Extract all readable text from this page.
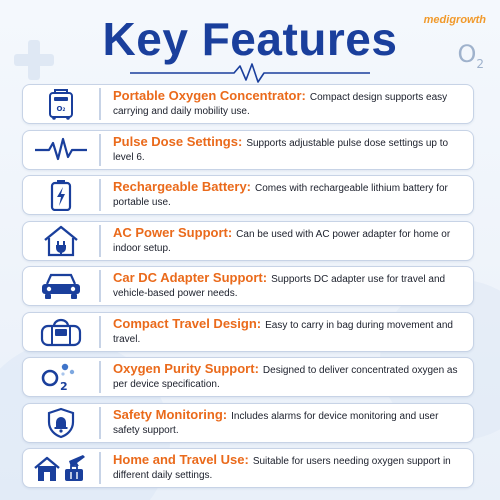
medigrowth
$O_2$
Key Features
O₂
Portable Oxygen Concentrator: Compact design supports easy carrying and daily mobility use.
Pulse Dose Settings: Supports adjustable pulse dose settings up to level 6.
Rechargeable Battery: Comes with rechargeable lithium battery for portable use.
AC Power Support: Can be used with AC power adapter for home or indoor setup.
Car DC Adapter Support: Supports DC adapter use for travel and vehicle-based power needs.
Compact Travel Design: Easy to carry in bag during movement and travel.
2
Oxygen Purity Support: Designed to deliver concentrated oxygen as per device specification.
Safety Monitoring: Includes alarms for device monitoring and user safety support.
Home and Travel Use: Suitable for users needing oxygen support in different daily settings.
